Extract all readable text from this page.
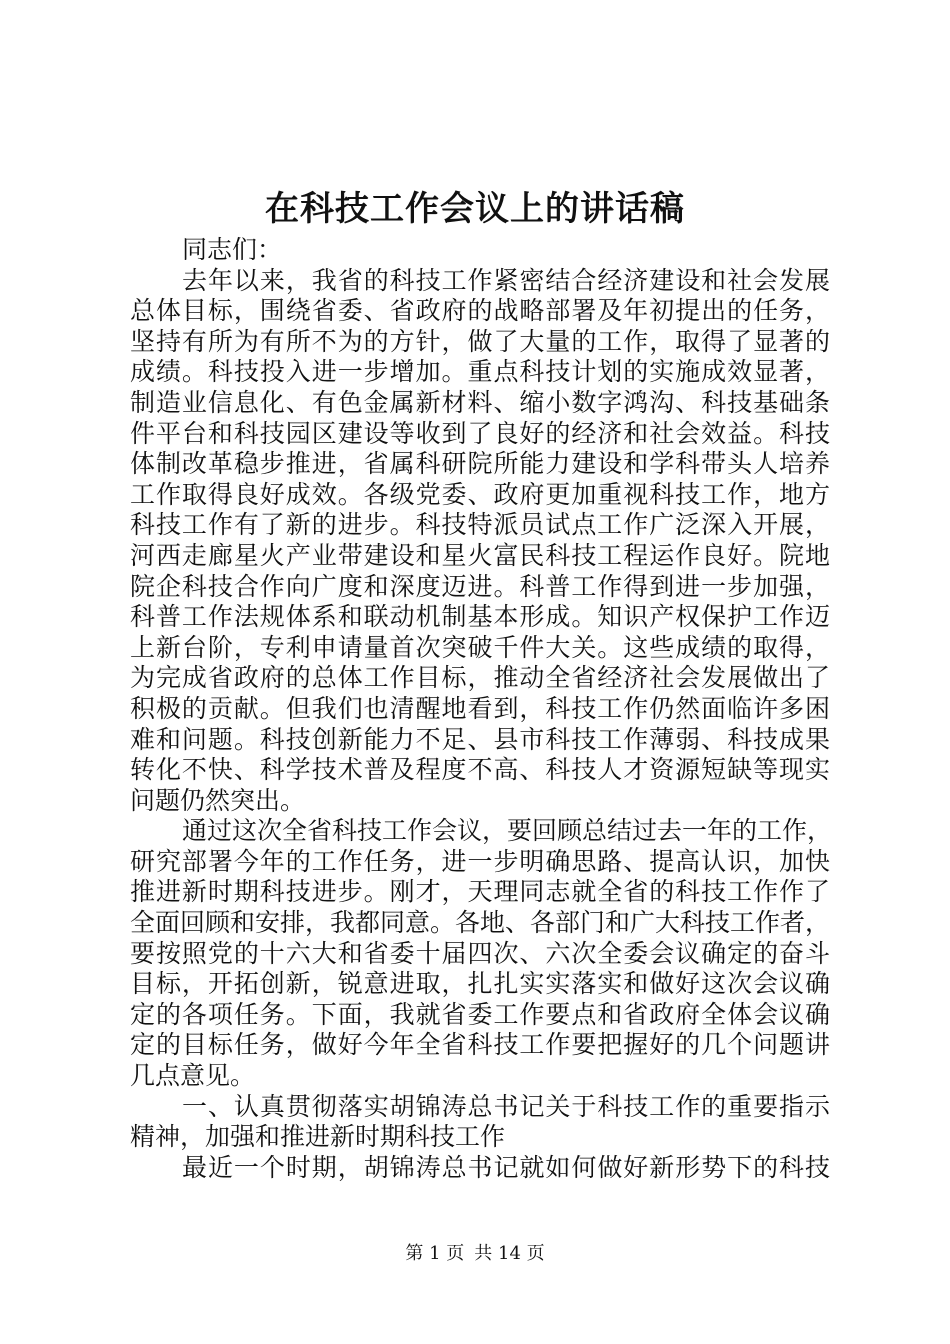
在科技工作会议上的讲话稿
同志们：
去年以来，我省的科技工作紧密结合经济建设和社会发展
总体目标，围绕省委、省政府的战略部署及年初提出的任务，
坚持有所为有所不为的方针，做了大量的工作，取得了显著的
成绩。科技投入进一步增加。重点科技计划的实施成效显著，
制造业信息化、有色金属新材料、缩小数字鸿沟、科技基础条
件平台和科技园区建设等收到了良好的经济和社会效益。科技
体制改革稳步推进，省属科研院所能力建设和学科带头人培养
工作取得良好成效。各级党委、政府更加重视科技工作，地方
科技工作有了新的进步。科技特派员试点工作广泛深入开展，
河西走廊星火产业带建设和星火富民科技工程运作良好。院地
院企科技合作向广度和深度迈进。科普工作得到进一步加强，
科普工作法规体系和联动机制基本形成。知识产权保护工作迈
上新台阶，专利申请量首次突破千件大关。这些成绩的取得，
为完成省政府的总体工作目标，推动全省经济社会发展做出了
积极的贡献。但我们也清醒地看到，科技工作仍然面临许多困
难和问题。科技创新能力不足、县市科技工作薄弱、科技成果
转化不快、科学技术普及程度不高、科技人才资源短缺等现实
问题仍然突出。
通过这次全省科技工作会议，要回顾总结过去一年的工作，
研究部署今年的工作任务，进一步明确思路、提高认识，加快
推进新时期科技进步。刚才，天理同志就全省的科技工作作了
全面回顾和安排，我都同意。各地、各部门和广大科技工作者，
要按照党的十六大和省委十届四次、六次全委会议确定的奋斗
目标，开拓创新，锐意进取，扎扎实实落实和做好这次会议确
定的各项任务。下面，我就省委工作要点和省政府全体会议确
定的目标任务，做好今年全省科技工作要把握好的几个问题讲
几点意见。
一、认真贯彻落实胡锦涛总书记关于科技工作的重要指示
精神，加强和推进新时期科技工作
最近一个时期，胡锦涛总书记就如何做好新形势下的科技
第 1 页 共 14 页
